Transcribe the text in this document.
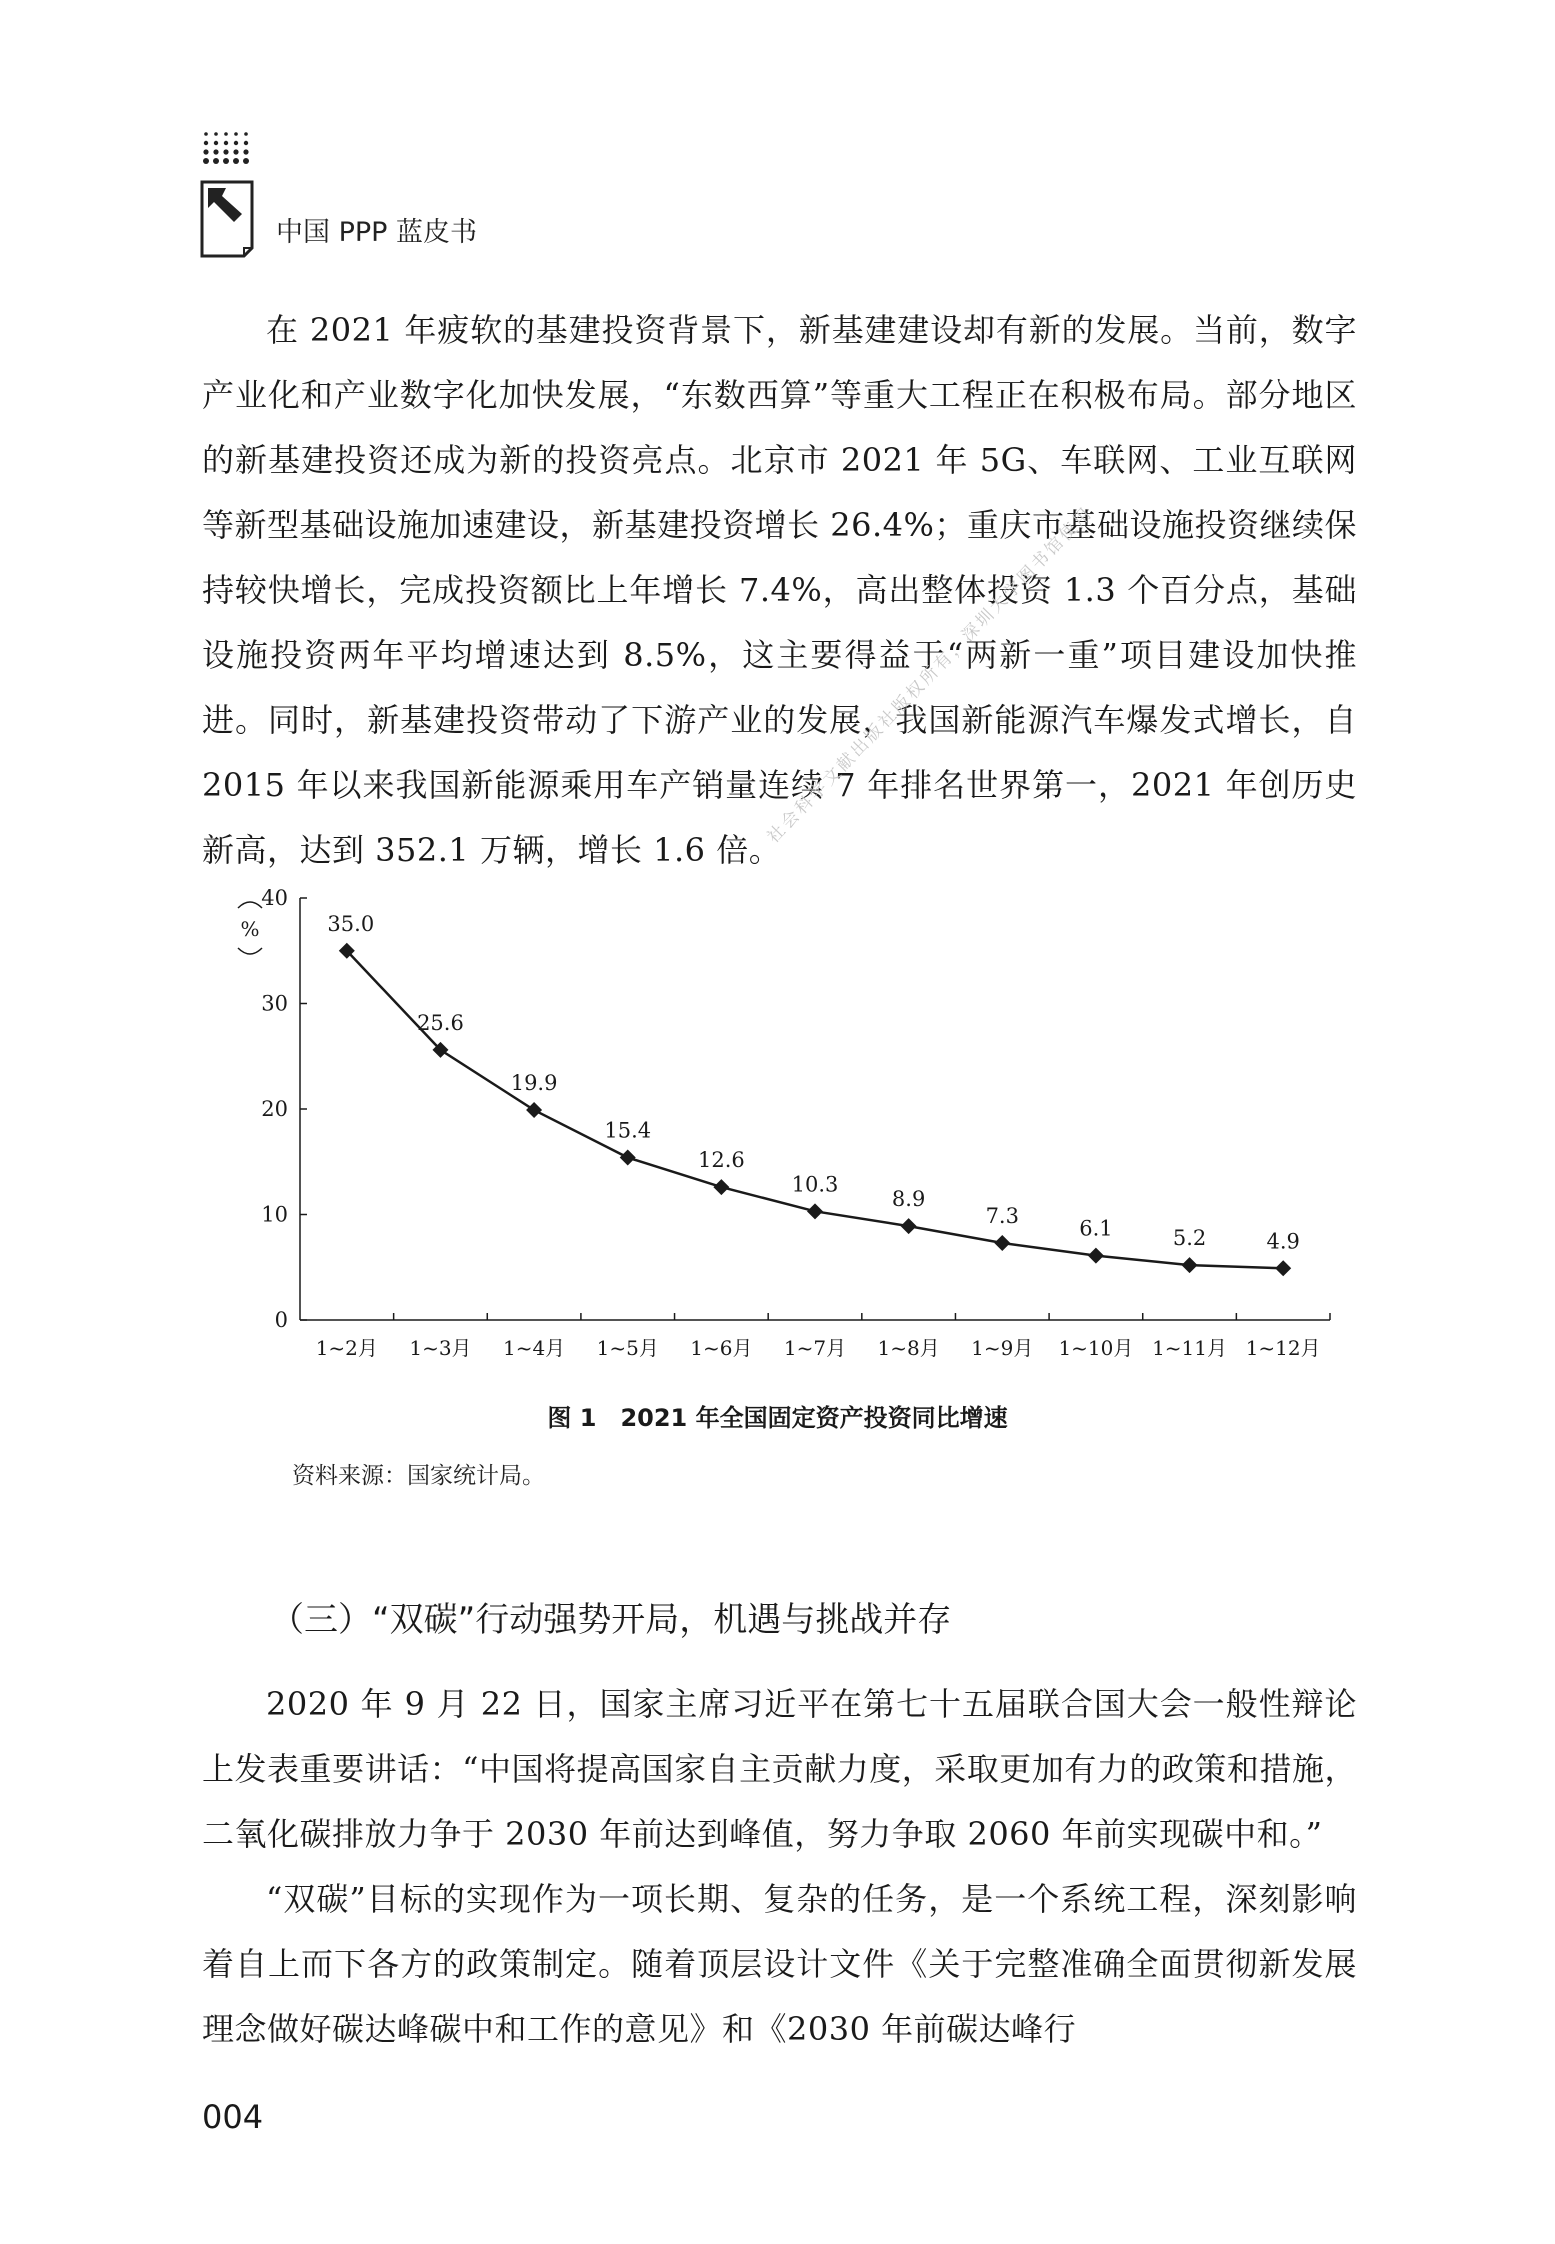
中国 PPP 蓝皮书

在 2021 年疲软的基建投资背景下，新基建建设却有新的发展。当前，数字产业化和产业数字化加快发展，“东数西算”等重大工程正在积极布局。部分地区的新基建投资还成为新的投资亮点。北京市 2021 年 5G、车联网、工业互联网等新型基础设施加速建设，新基建投资增长 26.4%；重庆市基础设施投资继续保持较快增长，完成投资额比上年增长 7.4%，高出整体投资 1.3 个百分点，基础设施投资两年平均增速达到 8.5%，这主要得益于“两新一重”项目建设加快推进。同时，新基建投资带动了下游产业的发展，我国新能源汽车爆发式增长，自 2015 年以来我国新能源乘用车产销量连续 7 年排名世界第一，2021 年创历史新高，达到 352.1 万辆，增长 1.6 倍。

社会科学文献出版社版权所有，深圳大学图书馆使用
0
10
20
30
40
%
1~2月 1~3月 1~4月 1~5月 1~6月 1~7月 1~8月 1~9月 1~10月 1~11月 1~12月
35.0
25.6
19.9
15.4
12.6
10.3
8.9
7.3
6.1	5.2	4.9
图 1　2021 年全国固定资产投资同比增速
资料来源：国家统计局。
（三）“双碳”行动强势开局，机遇与挑战并存

2020 年 9 月 22 日，国家主席习近平在第七十五届联合国大会一般性辩论上发表重要讲话：“中国将提高国家自主贡献力度，采取更加有力的政策和措施，二氧化碳排放力争于 2030 年前达到峰值，努力争取 2060 年前实现碳中和。”

“双碳”目标的实现作为一项长期、复杂的任务，是一个系统工程，深刻影响着自上而下各方的政策制定。随着顶层设计文件《关于完整准确全面贯彻新发展理念做好碳达峰碳中和工作的意见》和《2030 年前碳达峰行

004
